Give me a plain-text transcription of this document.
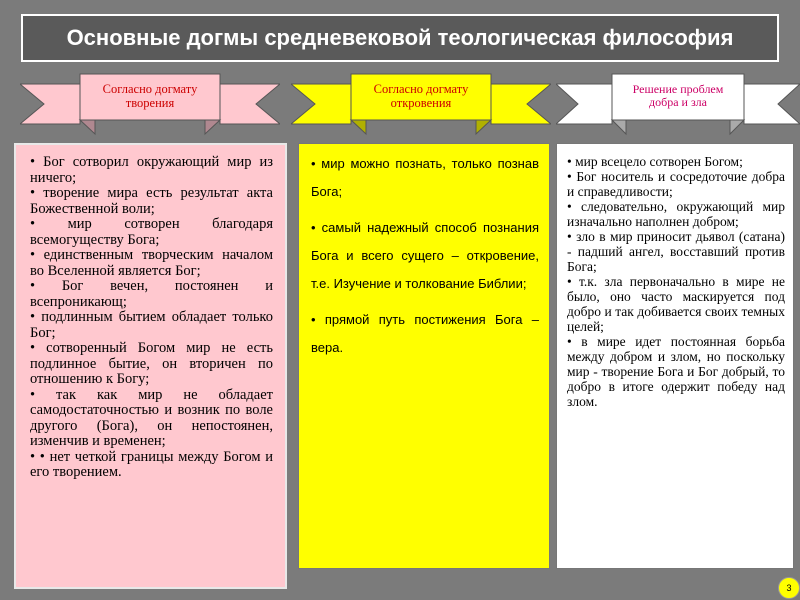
Основные догмы средневековой теологическая философия
Согласно догмату творения
Согласно догмату откровения
Решение проблем добра и зла
• Бог сотворил окружающий мир из ничего;
• творение мира есть результат акта Божественной воли;
• мир сотворен благодаря всемогуществу Бога;
• единственным творческим началом во Вселенной является Бог;
• Бог вечен, постоянен и всепроникающ;
• подлинным бытием обладает только Бог;
• сотворенный Богом мир не есть подлинное бытие, он вторичен по отношению к Богу;
• так как мир не обладает самодостаточностью и возник по воле другого (Бога), он непостоянен, изменчив и временен;
• • нет четкой границы между Богом и его творением.
• мир можно познать, только познав Бога;
• самый надежный способ познания Бога и всего сущего – откровение, т.е. Изучение и толкование Библии;
• прямой путь постижения Бога – вера.
• мир всецело сотворен Богом;
• Бог носитель и сосредоточие добра и справедливости;
• следовательно, окружающий мир изначально наполнен добром;
• зло в мир приносит дьявол (сатана) - падший ангел, восставший против Бога;
• т.к. зла первоначально в мире не было, оно часто маскируется под добро и так добивается своих темных целей;
• в мире идет постоянная борьба между добром и злом, но поскольку мир - творение Бога и Бог добрый, то добро в итоге одержит победу над злом.
3
